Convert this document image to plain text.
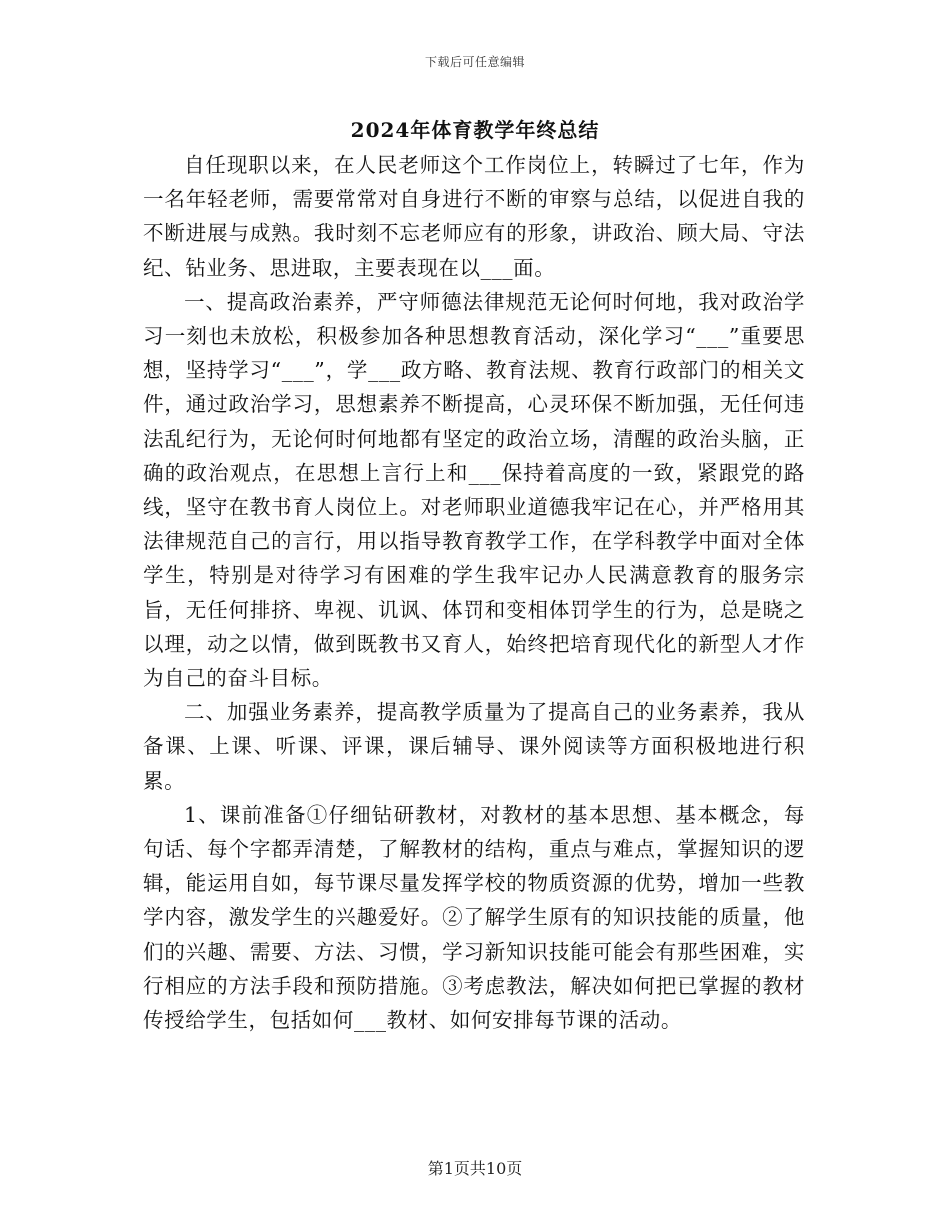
下载后可任意编辑
2024年体育教学年终总结

自任现职以来，在人民老师这个工作岗位上，转瞬过了七年，作为一名年轻老师，需要常常对自身进行不断的审察与总结，以促进自我的不断进展与成熟。我时刻不忘老师应有的形象，讲政治、顾大局、守法纪、钻业务、思进取，主要表现在以___面。

一、提高政治素养，严守师德法律规范无论何时何地，我对政治学习一刻也未放松，积极参加各种思想教育活动，深化学习“___”重要思想，坚持学习“___”，学___政方略、教育法规、教育行政部门的相关文件，通过政治学习，思想素养不断提高，心灵环保不断加强，无任何违法乱纪行为，无论何时何地都有坚定的政治立场，清醒的政治头脑，正确的政治观点，在思想上言行上和___保持着高度的一致，紧跟党的路线，坚守在教书育人岗位上。对老师职业道德我牢记在心，并严格用其法律规范自己的言行，用以指导教育教学工作，在学科教学中面对全体学生，特别是对待学习有困难的学生我牢记办人民满意教育的服务宗旨，无任何排挤、卑视、讥讽、体罚和变相体罚学生的行为，总是晓之以理，动之以情，做到既教书又育人，始终把培育现代化的新型人才作为自己的奋斗目标。

二、加强业务素养，提高教学质量为了提高自己的业务素养，我从备课、上课、听课、评课，课后辅导、课外阅读等方面积极地进行积累。

1、课前准备①仔细钻研教材，对教材的基本思想、基本概念，每句话、每个字都弄清楚，了解教材的结构，重点与难点，掌握知识的逻辑，能运用自如，每节课尽量发挥学校的物质资源的优势，增加一些教学内容，激发学生的兴趣爱好。②了解学生原有的知识技能的质量，他们的兴趣、需要、方法、习惯，学习新知识技能可能会有那些困难，实行相应的方法手段和预防措施。③考虑教法，解决如何把已掌握的教材传授给学生，包括如何___教材、如何安排每节课的活动。

第1页共10页
